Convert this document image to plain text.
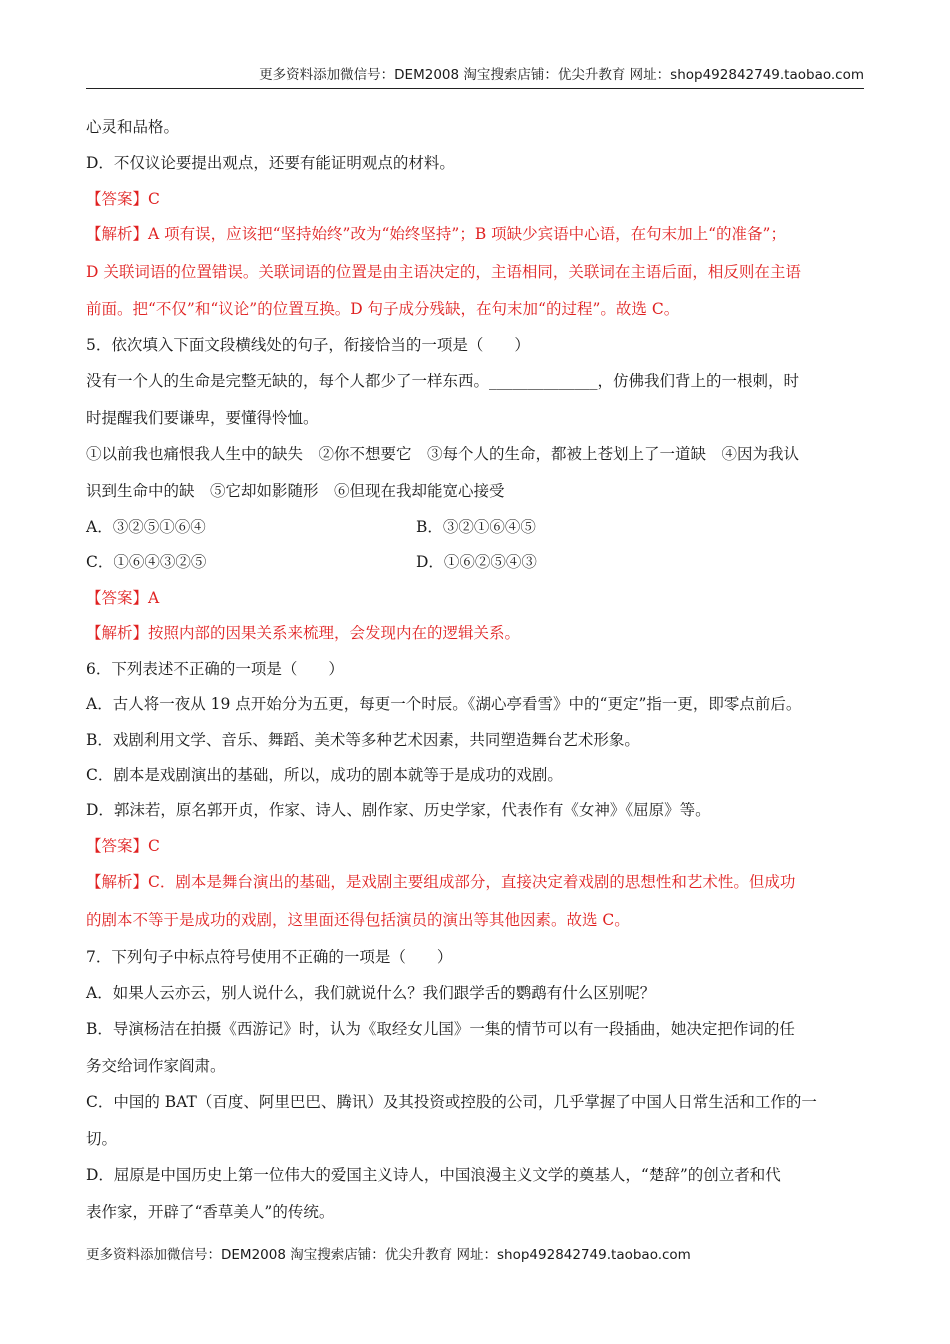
更多资料添加微信号：DEM2008 淘宝搜索店铺：优尖升教育 网址：shop492842749.taobao.com
心灵和品格。
D．不仅议论要提出观点，还要有能证明观点的材料。
【答案】C
【解析】A 项有误，应该把“坚持始终”改为“始终坚持”；B 项缺少宾语中心语，在句末加上“的准备”；
D 关联词语的位置错误。关联词语的位置是由主语决定的，主语相同，关联词在主语后面，相反则在主语
前面。把“不仅”和“议论”的位置互换。D 句子成分残缺，在句末加“的过程”。故选 C。
5．依次填入下面文段横线处的句子，衔接恰当的一项是（　　）
没有一个人的生命是完整无缺的，每个人都少了一样东西。______________，仿佛我们背上的一根刺，时
时提醒我们要谦卑，要懂得怜恤。
①以前我也痛恨我人生中的缺失　②你不想要它　③每个人的生命，都被上苍划上了一道缺　④因为我认
识到生命中的缺　⑤它却如影随形　⑥但现在我却能宽心接受
A．③②⑤①⑥④	B．③②①⑥④⑤
C．①⑥④③②⑤	D．①⑥②⑤④③
【答案】A
【解析】按照内部的因果关系来梳理，会发现内在的逻辑关系。
6．下列表述不正确的一项是（　　）
A．古人将一夜从 19 点开始分为五更，每更一个时辰。《湖心亭看雪》中的“更定”指一更，即零点前后。
B．戏剧利用文学、音乐、舞蹈、美术等多种艺术因素，共同塑造舞台艺术形象。
C．剧本是戏剧演出的基础，所以，成功的剧本就等于是成功的戏剧。
D．郭沫若，原名郭开贞，作家、诗人、剧作家、历史学家，代表作有《女神》《屈原》等。
【答案】C
【解析】C．剧本是舞台演出的基础，是戏剧主要组成部分，直接决定着戏剧的思想性和艺术性。但成功
的剧本不等于是成功的戏剧，这里面还得包括演员的演出等其他因素。故选 C。
7．下列句子中标点符号使用不正确的一项是（　　）
A．如果人云亦云，别人说什么，我们就说什么？我们跟学舌的鹦鹉有什么区别呢？
B．导演杨洁在拍摄《西游记》时，认为《取经女儿国》一集的情节可以有一段插曲，她决定把作词的任
务交给词作家阎肃。
C．中国的 BAT（百度、阿里巴巴、腾讯）及其投资或控股的公司，几乎掌握了中国人日常生活和工作的一
切。
D．屈原是中国历史上第一位伟大的爱国主义诗人，中国浪漫主义文学的奠基人，“楚辞”的创立者和代
表作家，开辟了“香草美人”的传统。
更多资料添加微信号：DEM2008 淘宝搜索店铺：优尖升教育 网址：shop492842749.taobao.com
